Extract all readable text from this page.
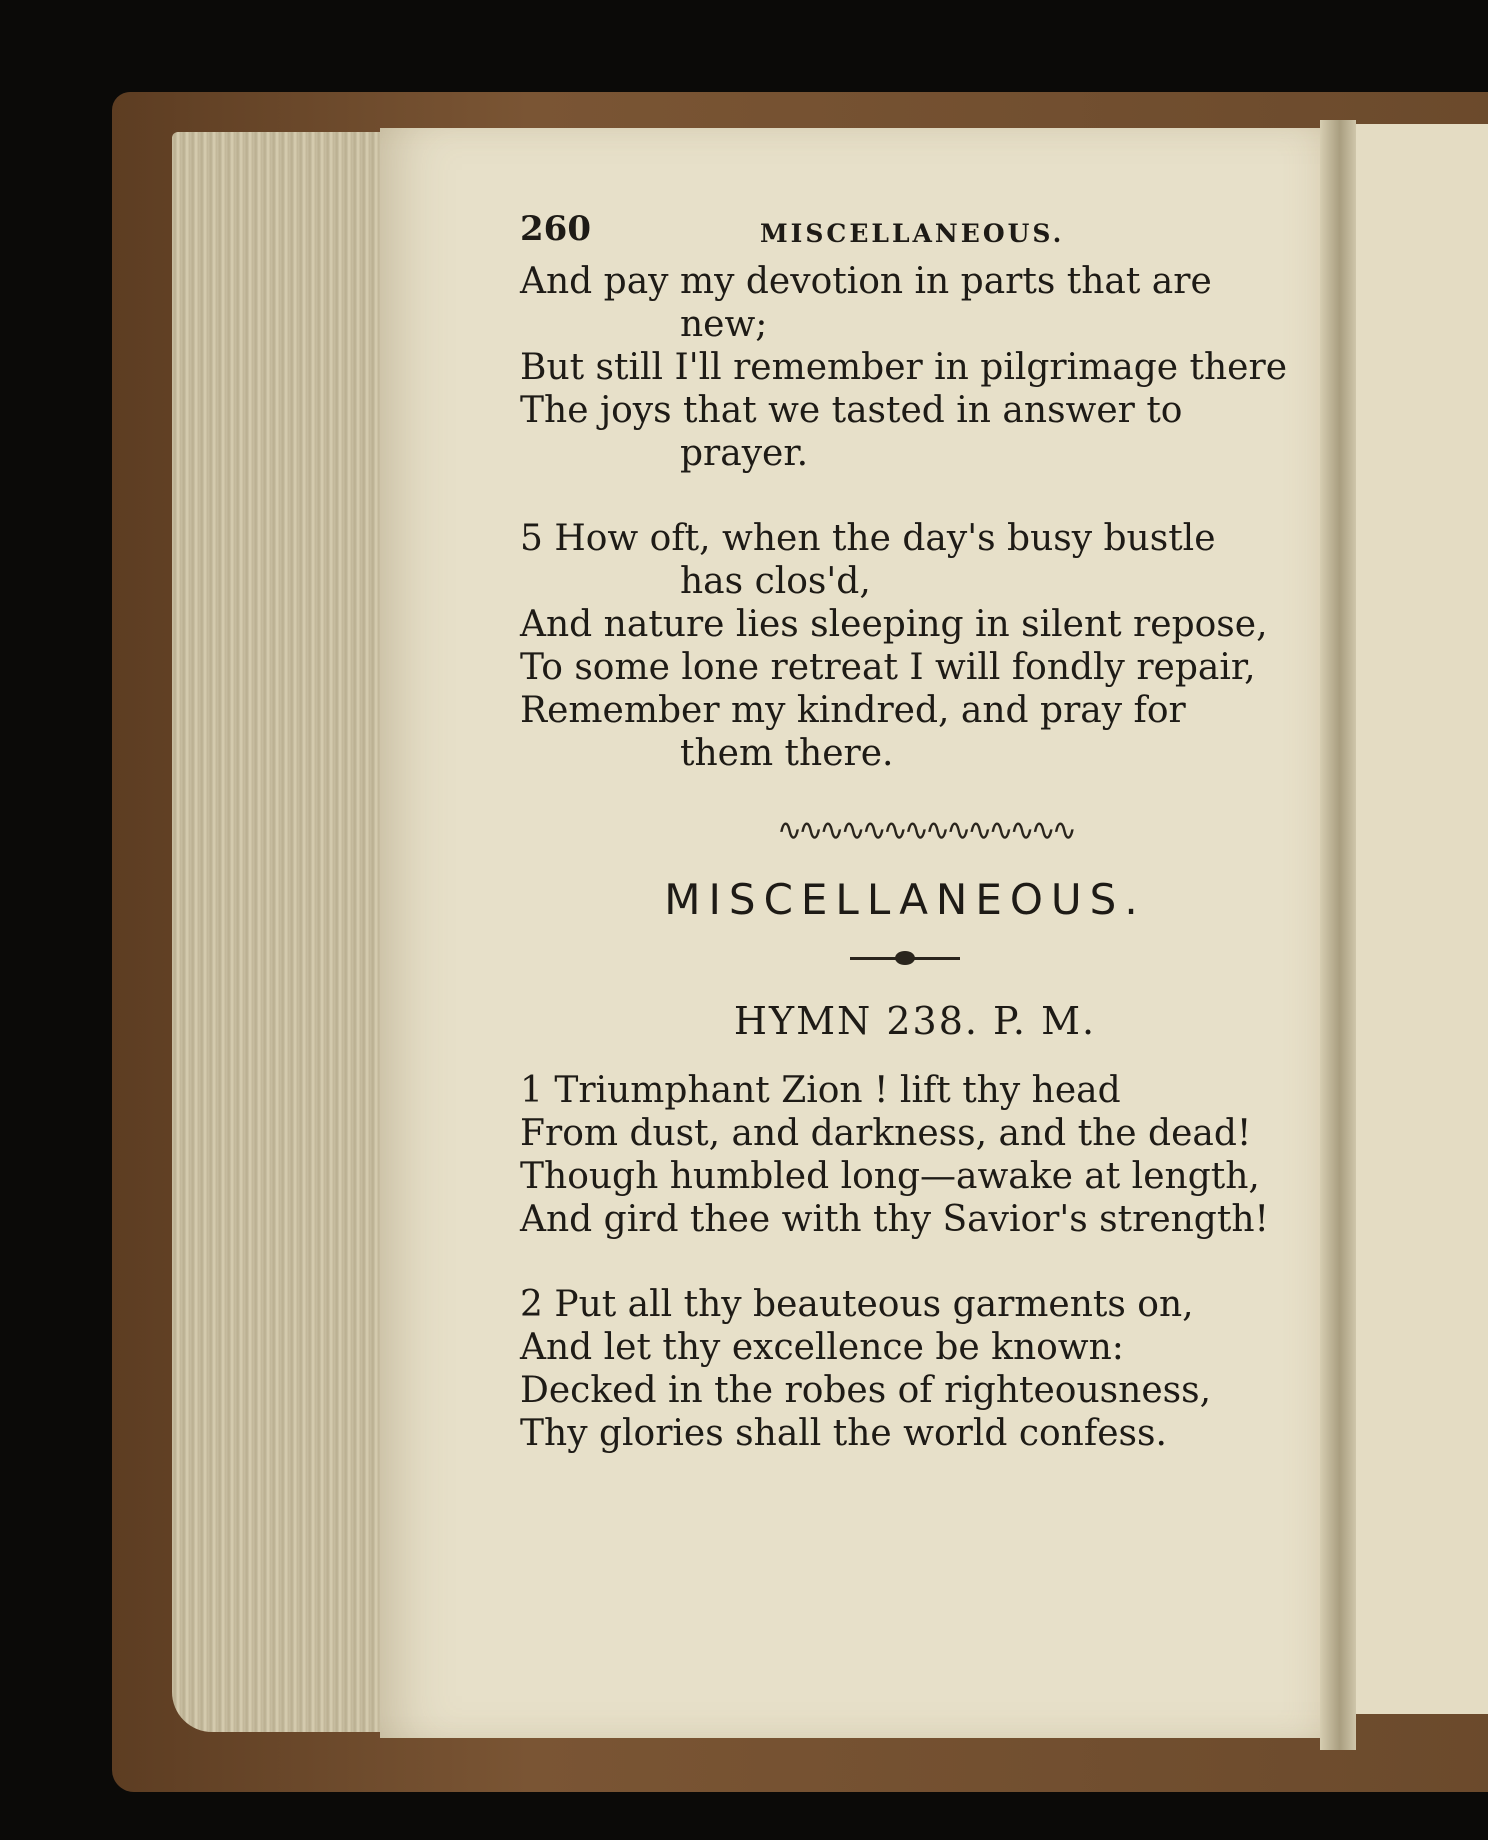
260	MISCELLANEOUS.
And pay my devotion in parts that are
new;
But still I'll remember in pilgrimage there
The joys that we tasted in answer to
prayer.
5 How oft, when the day's busy bustle
has clos'd,
And nature lies sleeping in silent repose,
To some lone retreat I will fondly repair,
Remember my kindred, and pray for
them there.
∿∿∿∿∿∿∿∿∿∿∿∿∿∿
MISCELLANEOUS.
HYMN 238. P. M.
1 Triumphant Zion ! lift thy head
From dust, and darkness, and the dead!
Though humbled long—awake at length,
And gird thee with thy Savior's strength!
2 Put all thy beauteous garments on,
And let thy excellence be known:
Decked in the robes of righteousness,
Thy glories shall the world confess.
